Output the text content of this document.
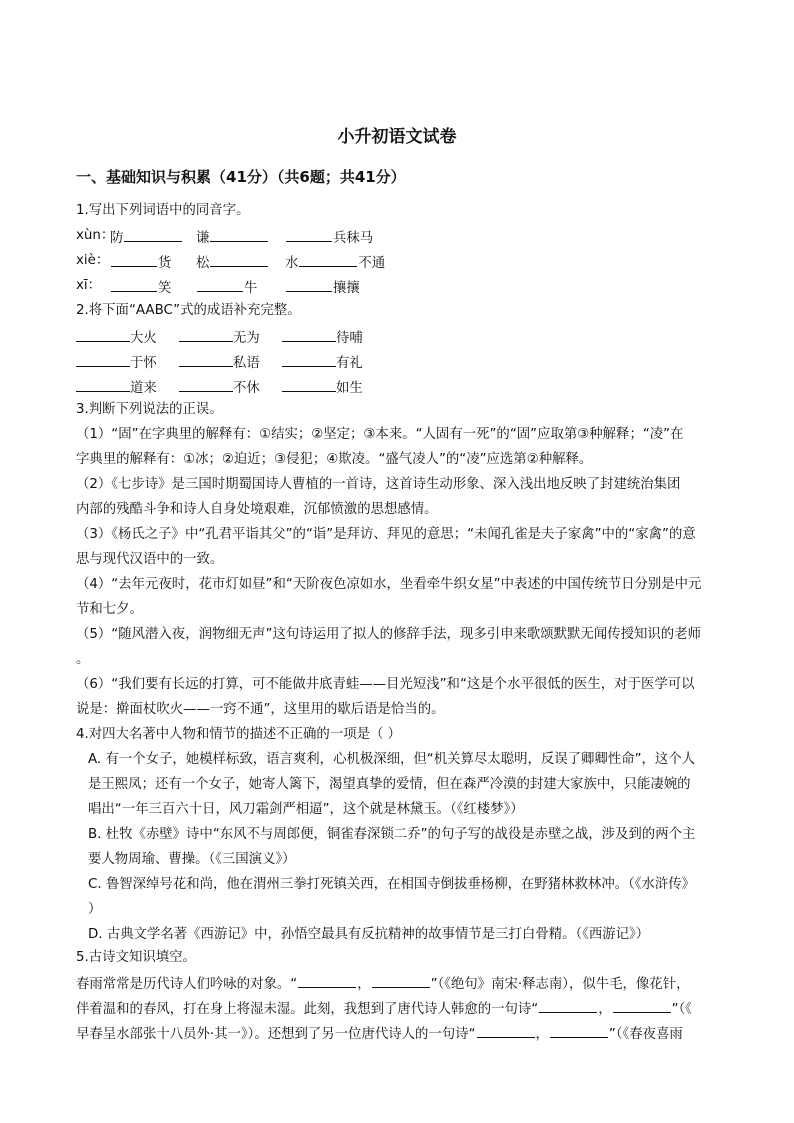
小升初语文试卷
一、基础知识与积累（41分）（共6题；共41分）
1.写出下列词语中的同音字。
xùn：
防	谦	兵秣马
xiè：	货 松	水	不通
xī：	笑	牛	攘攘
2.将下面“AABC”式的成语补充完整。
大火	无为	待哺
于怀	私语	有礼
道来	不休	如生
3.判断下列说法的正误。
（1）“固”在字典里的解释有：①结实；②坚定；③本来。“人固有一死”的“固”应取第③种解释；“凌”在
字典里的解释有：①冰；②迫近；③侵犯；④欺凌。“盛气凌人”的“凌”应选第②种解释。
（2）《七步诗》是三国时期蜀国诗人曹植的一首诗，这首诗生动形象、深入浅出地反映了封建统治集团
内部的残酷斗争和诗人自身处境艰难，沉郁愤激的思想感情。
（3）《杨氏之子》中“孔君平诣其父”的“诣”是拜访、拜见的意思；“未闻孔雀是夫子家禽”中的“家禽”的意
思与现代汉语中的一致。
（4）“去年元夜时，花市灯如昼”和“天阶夜色凉如水，坐看牵牛织女星”中表述的中国传统节日分别是中元
节和七夕。
（5）“随风潜入夜，润物细无声”这句诗运用了拟人的修辞手法，现多引申来歌颂默默无闻传授知识的老师
。
（6）“我们要有长远的打算，可不能做井底青蛙——目光短浅”和“这是个水平很低的医生，对于医学可以
说是：擀面杖吹火——一窍不通”，这里用的歇后语是恰当的。
4.对四大名著中人物和情节的描述不正确的一项是（ ）
A. 有一个女子，她模样标致，语言爽利，心机极深细，但“机关算尽太聪明，反误了卿卿性命”，这个人
是王熙凤；还有一个女子，她寄人篱下，渴望真挚的爱情，但在森严冷漠的封建大家族中，只能凄婉的
唱出“一年三百六十日，风刀霜剑严相逼”，这个就是林黛玉。（《红楼梦》）
B. 杜牧《赤壁》诗中“东风不与周郎便，铜雀春深锁二乔”的句子写的战役是赤壁之战，涉及到的两个主
要人物周瑜、曹操。（《三国演义》）
C. 鲁智深绰号花和尚，他在渭州三拳打死镇关西，在相国寺倒拔垂杨柳，在野猪林救林冲。（《水浒传》
）
D. 古典文学名著《西游记》中，孙悟空最具有反抗精神的故事情节是三打白骨精。（《西游记》）
5.古诗文知识填空。
春雨常常是历代诗人们吟咏的对象。“	，	”（《绝句》南宋·释志南），似牛毛，像花针，
伴着温和的春风，打在身上将湿未湿。此刻，我想到了唐代诗人韩愈的一句诗“	，	”（《
早春呈水部张十八员外·其一》）。还想到了另一位唐代诗人的一句诗“	，	”（《春夜喜雨
